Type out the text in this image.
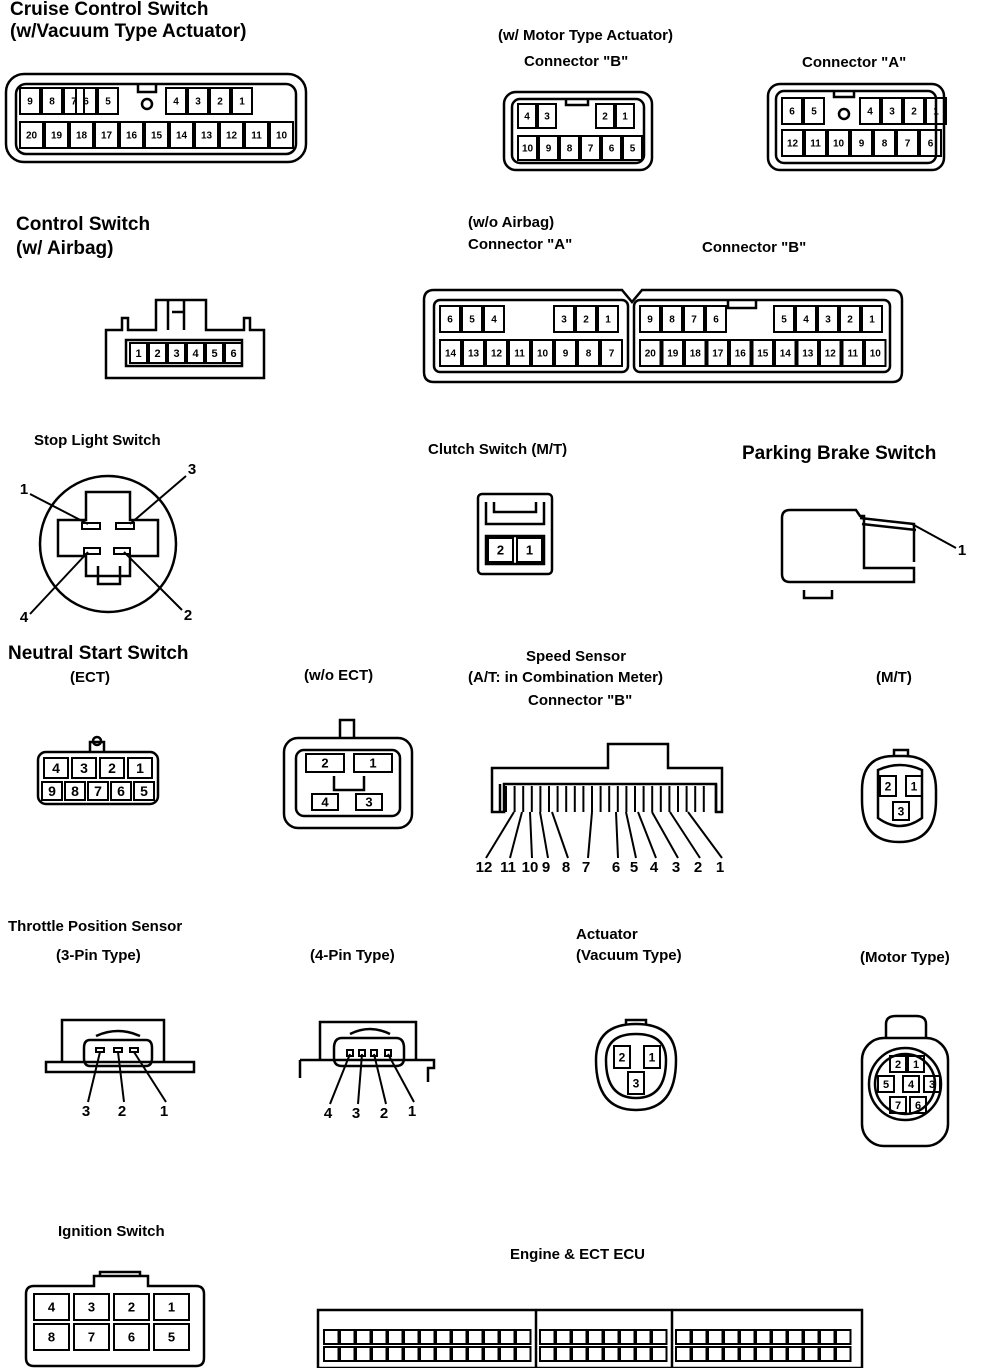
Cruise Control Switch
(w/Vacuum Type Actuator)	(w/ Motor Type Actuator)
Connector "B"	Connector "A"
Control Switch
(w/ Airbag)
(w/o Airbag)
Connector "A"	Connector "B"
Stop Light Switch
Clutch Switch (M/T)	Parking Brake Switch
Neutral Start Switch
(ECT)	(w/o ECT)
Speed Sensor
(A/T: in Combination Meter)
Connector "B"
(M/T)
Throttle Position Sensor
(3-Pin Type)	(4-Pin Type)
Actuator
(Vacuum Type)	(Motor Type)
Ignition Switch
Engine & ECT ECU
9 8 7 6 5	4 3 2 1
20 19 18 17 16 15 14 13 12 11 10
4 3	2 1
10 9 8 7 6 5
6 5	4 3 2 1
12 11 10 9 8 7 6
1 2 3 4 5 6
6 5 4	3 2 1
14 13 12 11 10 9 8 7
9 8 7 6	5 4 3 2 1
20 19 18 17 16 15 14 13 12 11 10
1
3
4	2
2 1	1
4 3 2 1
9 8 7 6 5
2	1
4	3
12 11 10 9 8 7 6 5 4 3 2 1
2 1
3
3 2 1	4 3 2 1
2 1
3
2 1
5 4 3
7 6
4	3	2	1
8	7	6	5
